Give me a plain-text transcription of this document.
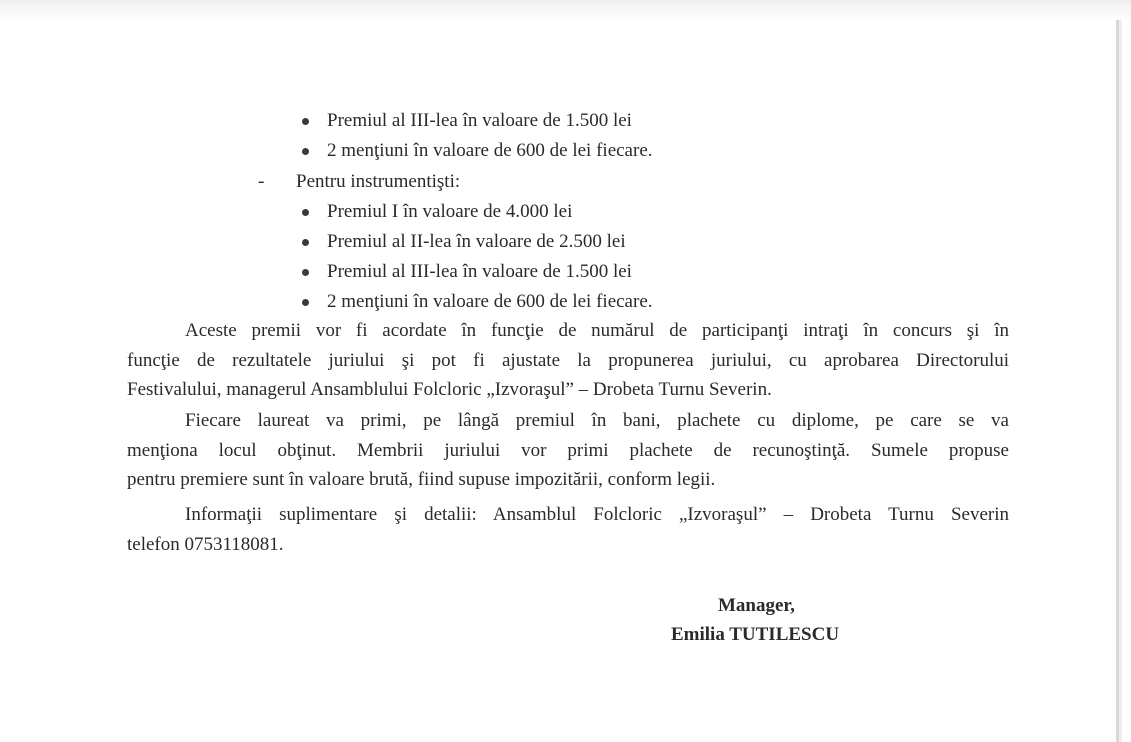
Premiul al III-lea în valoare de 1.500 lei
2 menţiuni în valoare de 600 de lei fiecare.
- Pentru instrumentişti:
Premiul I în valoare de 4.000 lei
Premiul al II-lea în valoare de 2.500 lei
Premiul al III-lea în valoare de 1.500 lei
2 menţiuni în valoare de 600 de lei fiecare.
Aceste premii vor fi acordate în funcţie de numărul de participanţi intraţi în concurs şi în
funcţie de rezultatele juriului şi pot fi ajustate la propunerea juriului, cu aprobarea Directorului
Festivalului, managerul Ansamblului Folcloric „Izvoraşul” – Drobeta Turnu Severin.
Fiecare laureat va primi, pe lângă premiul în bani, plachete cu diplome, pe care se va
menţiona locul obţinut. Membrii juriului vor primi plachete de recunoştinţă. Sumele propuse
pentru premiere sunt în valoare brută, fiind supuse impozitării, conform legii.
Informaţii suplimentare şi detalii: Ansamblul Folcloric „Izvoraşul” – Drobeta Turnu Severin
telefon 0753118081.
Manager,
Emilia TUTILESCU
